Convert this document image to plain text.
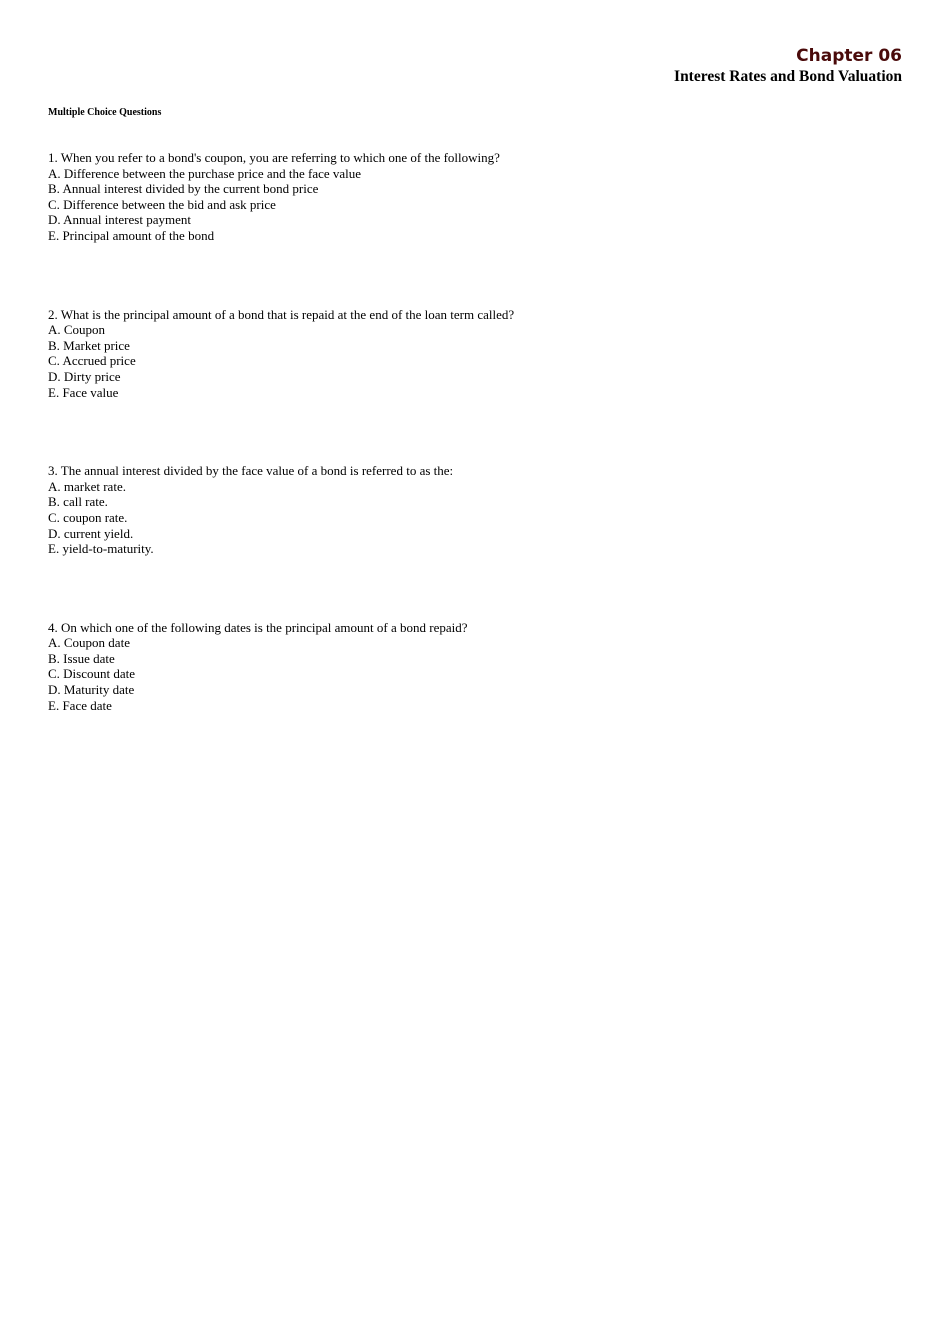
Chapter 06
Interest Rates and Bond Valuation
Multiple Choice Questions
1. When you refer to a bond's coupon, you are referring to which one of the following?
A. Difference between the purchase price and the face value
B. Annual interest divided by the current bond price
C. Difference between the bid and ask price
D. Annual interest payment
E. Principal amount of the bond
2. What is the principal amount of a bond that is repaid at the end of the loan term called?
A. Coupon
B. Market price
C. Accrued price
D. Dirty price
E. Face value
3. The annual interest divided by the face value of a bond is referred to as the:
A. market rate.
B. call rate.
C. coupon rate.
D. current yield.
E. yield-to-maturity.
4. On which one of the following dates is the principal amount of a bond repaid?
A. Coupon date
B. Issue date
C. Discount date
D. Maturity date
E. Face date
